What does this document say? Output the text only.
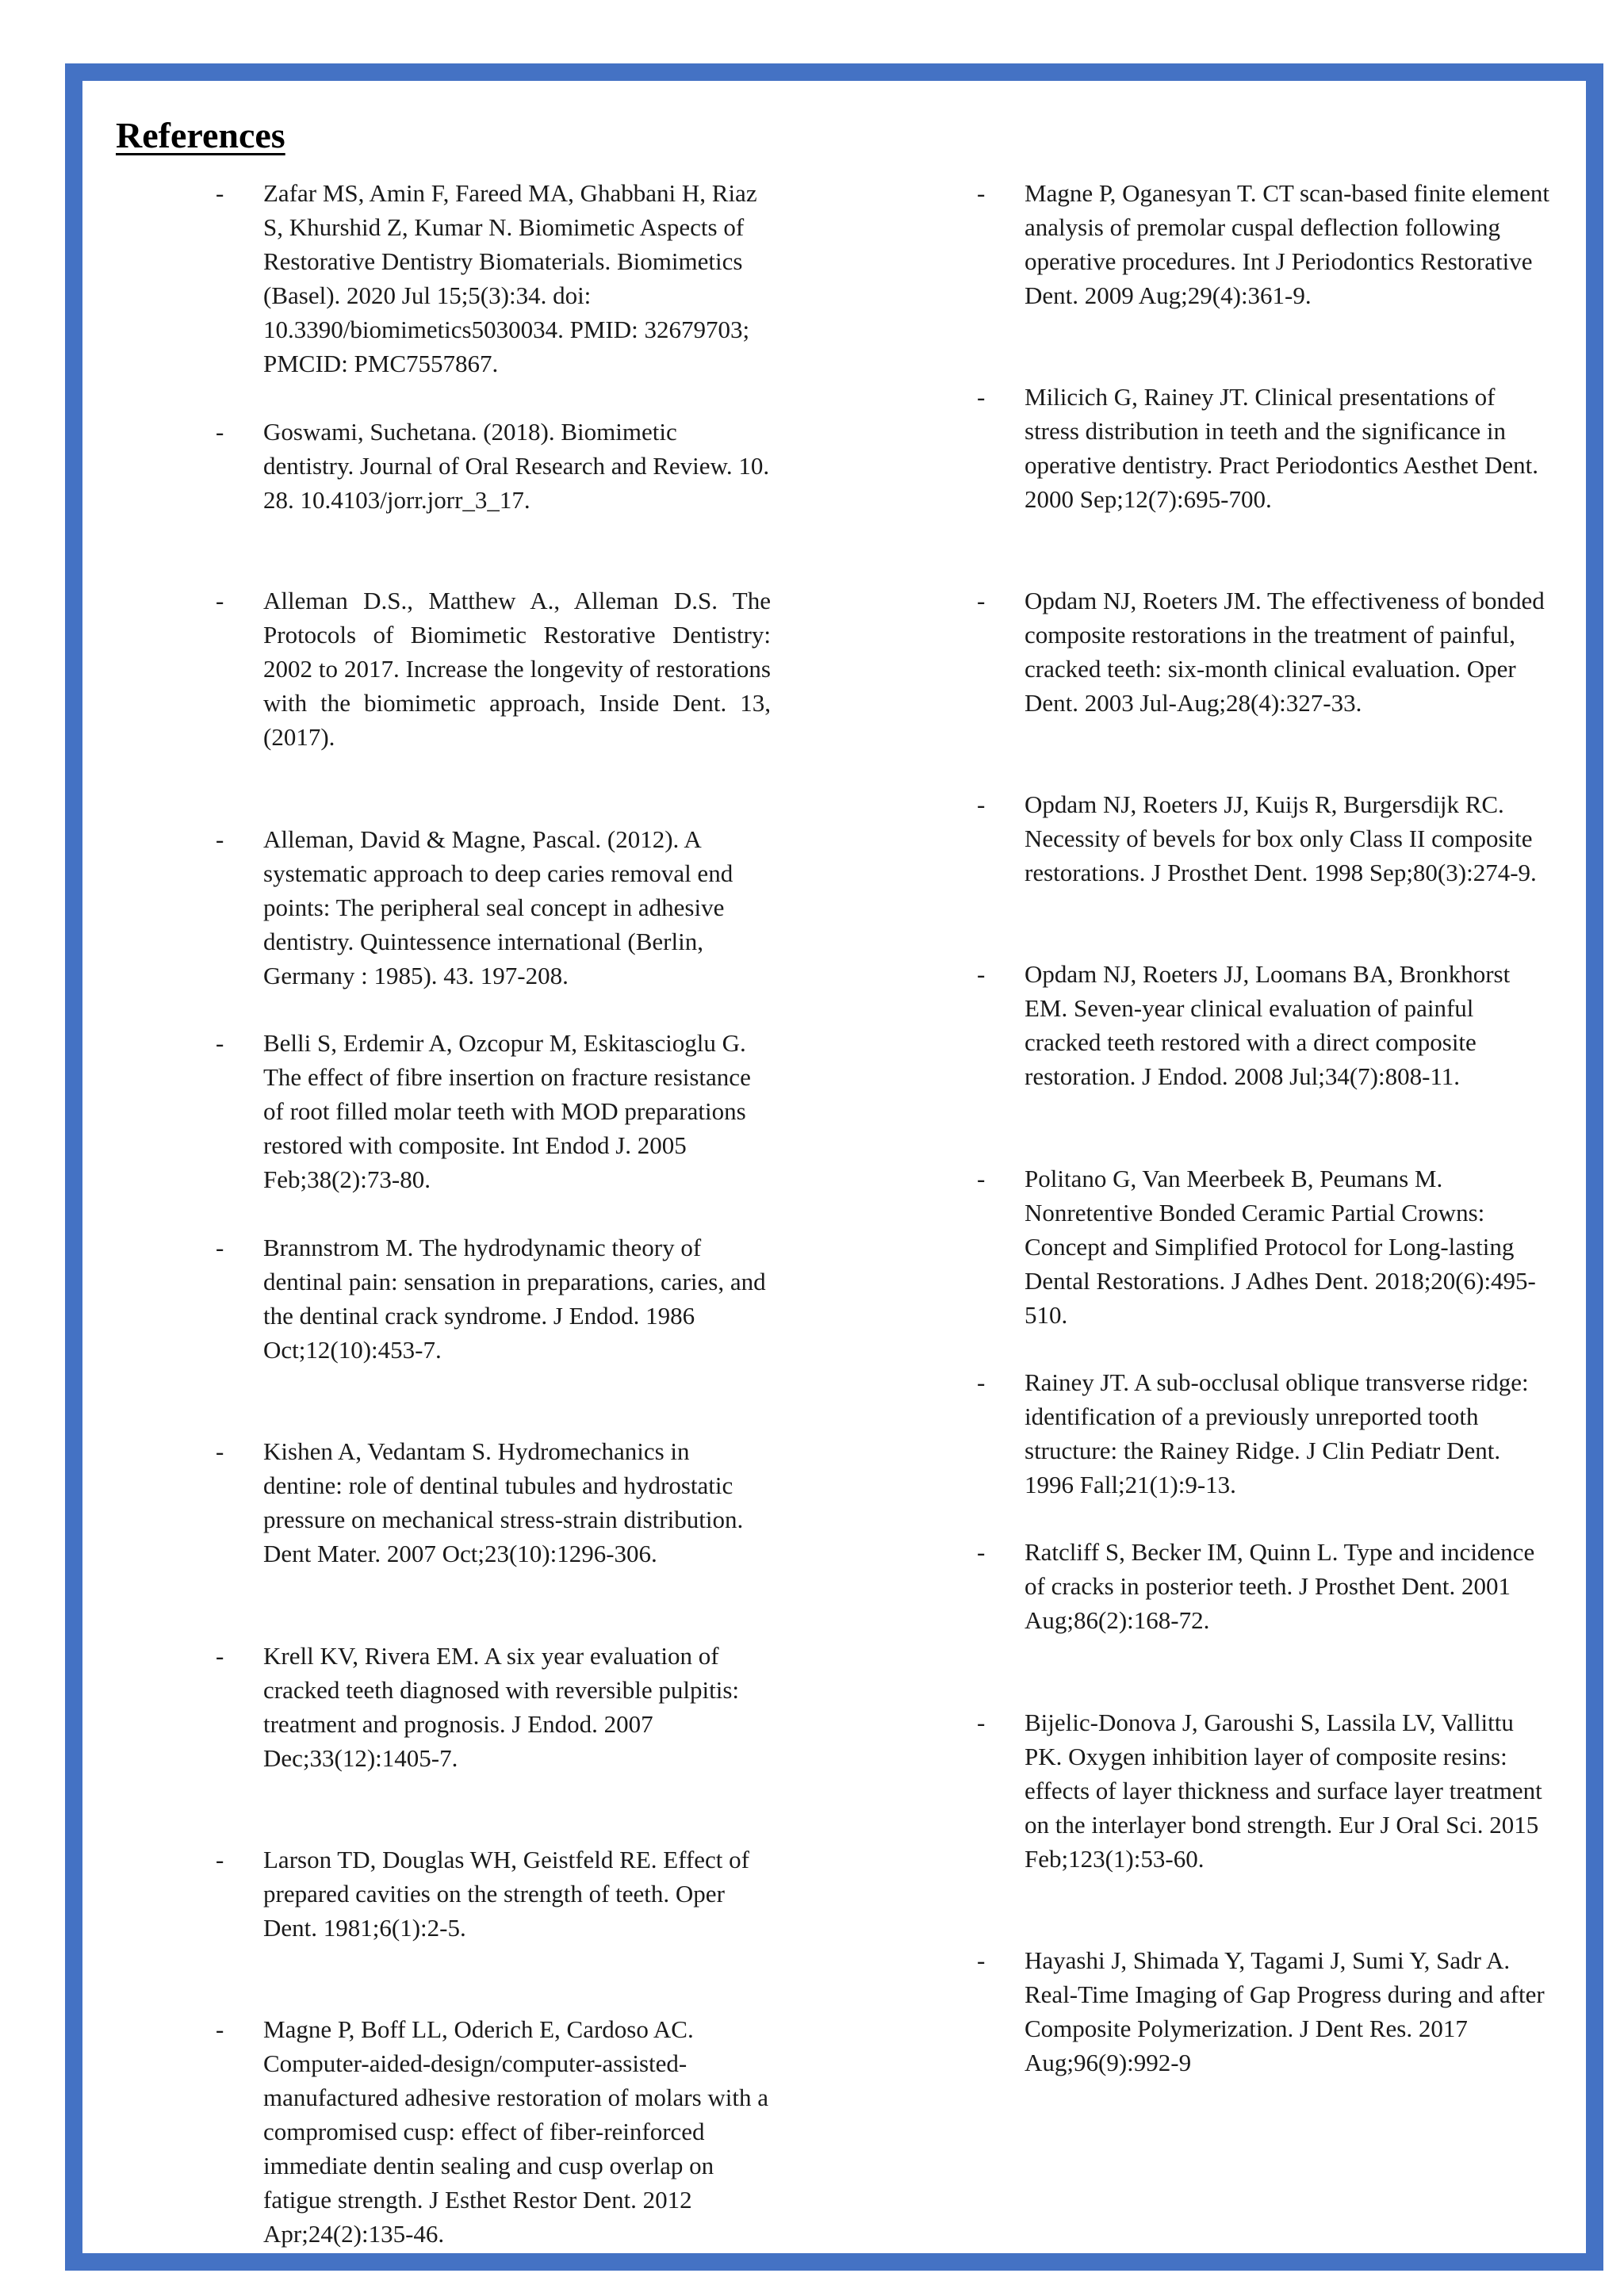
References
- Zafar MS, Amin F, Fareed MA, Ghabbani H, Riaz S, Khurshid Z, Kumar N. Biomimetic Aspects of Restorative Dentistry Biomaterials. Biomimetics (Basel). 2020 Jul 15;5(3):34. doi: 10.3390/biomimetics5030034. PMID: 32679703; PMCID: PMC7557867.
- Goswami, Suchetana. (2018). Biomimetic dentistry. Journal of Oral Research and Review. 10. 28. 10.4103/jorr.jorr_3_17.
- Alleman D.S., Matthew A., Alleman D.S. The Protocols of Biomimetic Restorative Dentistry: 2002 to 2017. Increase the longevity of restorations with the biomimetic approach, Inside Dent. 13, (2017).
- Alleman, David & Magne, Pascal. (2012). A systematic approach to deep caries removal end points: The peripheral seal concept in adhesive dentistry. Quintessence international (Berlin, Germany : 1985). 43. 197-208.
- Belli S, Erdemir A, Ozcopur M, Eskitascioglu G. The effect of fibre insertion on fracture resistance of root filled molar teeth with MOD preparations restored with composite. Int Endod J. 2005 Feb;38(2):73-80.
- Brannstrom M. The hydrodynamic theory of dentinal pain: sensation in preparations, caries, and the dentinal crack syndrome. J Endod. 1986 Oct;12(10):453-7.
- Kishen A, Vedantam S. Hydromechanics in dentine: role of dentinal tubules and hydrostatic pressure on mechanical stress-strain distribution. Dent Mater. 2007 Oct;23(10):1296-306.
- Krell KV, Rivera EM. A six year evaluation of cracked teeth diagnosed with reversible pulpitis: treatment and prognosis. J Endod. 2007 Dec;33(12):1405-7.
- Larson TD, Douglas WH, Geistfeld RE. Effect of prepared cavities on the strength of teeth. Oper Dent. 1981;6(1):2-5.
- Magne P, Boff LL, Oderich E, Cardoso AC. Computer-aided-design/computer-assisted-manufactured adhesive restoration of molars with a compromised cusp: effect of fiber-reinforced immediate dentin sealing and cusp overlap on fatigue strength. J Esthet Restor Dent. 2012 Apr;24(2):135-46.
- Magne P, Oganesyan T. CT scan-based finite element analysis of premolar cuspal deflection following operative procedures. Int J Periodontics Restorative Dent. 2009 Aug;29(4):361-9.
- Milicich G, Rainey JT. Clinical presentations of stress distribution in teeth and the significance in operative dentistry. Pract Periodontics Aesthet Dent. 2000 Sep;12(7):695-700.
- Opdam NJ, Roeters JM. The effectiveness of bonded composite restorations in the treatment of painful, cracked teeth: six-month clinical evaluation. Oper Dent. 2003 Jul-Aug;28(4):327-33.
- Opdam NJ, Roeters JJ, Kuijs R, Burgersdijk RC. Necessity of bevels for box only Class II composite restorations. J Prosthet Dent. 1998 Sep;80(3):274-9.
- Opdam NJ, Roeters JJ, Loomans BA, Bronkhorst EM. Seven-year clinical evaluation of painful cracked teeth restored with a direct composite restoration. J Endod. 2008 Jul;34(7):808-11.
- Politano G, Van Meerbeek B, Peumans M. Nonretentive Bonded Ceramic Partial Crowns: Concept and Simplified Protocol for Long-lasting Dental Restorations. J Adhes Dent. 2018;20(6):495-510.
- Rainey JT. A sub-occlusal oblique transverse ridge: identification of a previously unreported tooth structure: the Rainey Ridge. J Clin Pediatr Dent. 1996 Fall;21(1):9-13.
- Ratcliff S, Becker IM, Quinn L. Type and incidence of cracks in posterior teeth. J Prosthet Dent. 2001 Aug;86(2):168-72.
- Bijelic-Donova J, Garoushi S, Lassila LV, Vallittu PK. Oxygen inhibition layer of composite resins: effects of layer thickness and surface layer treatment on the interlayer bond strength. Eur J Oral Sci. 2015 Feb;123(1):53-60.
- Hayashi J, Shimada Y, Tagami J, Sumi Y, Sadr A. Real-Time Imaging of Gap Progress during and after Composite Polymerization. J Dent Res. 2017 Aug;96(9):992-9
